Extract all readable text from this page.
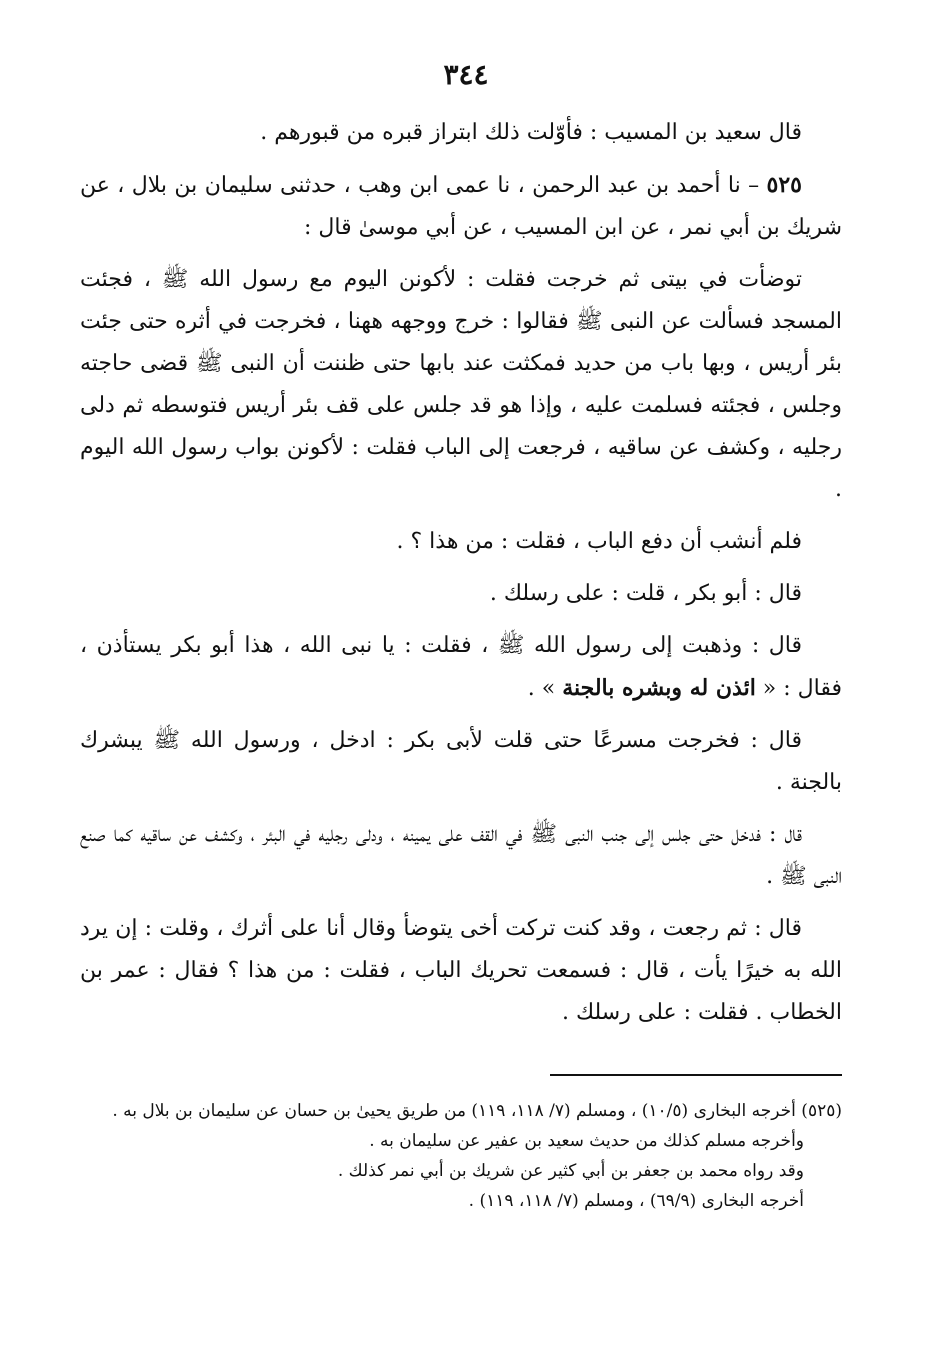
٣٤٤

قال سعيد بن المسيب : فأوّلت ذلك ابتراز قبره من قبورهم .

٥٢٥ – نا أحمد بن عبد الرحمن ، نا عمى ابن وهب ، حدثنى سليمان بن بلال ، عن شريك بن أبي نمر ، عن ابن المسيب ، عن أبي موسىٰ قال :

توضأت في بيتى ثم خرجت فقلت : لأكونن اليوم مع رسول الله ﷺ ، فجئت المسجد فسألت عن النبى ﷺ فقالوا : خرج ووجهه ههنا ، فخرجت في أثره حتى جئت بئر أريس ، وبها باب من حديد فمكثت عند بابها حتى ظننت أن النبى ﷺ قضى حاجته وجلس ، فجئته فسلمت عليه ، وإذا هو قد جلس على قف بئر أريس فتوسطه ثم دلى رجليه ، وكشف عن ساقيه ، فرجعت إلى الباب فقلت : لأكونن بواب رسول الله اليوم .

فلم أنشب أن دفع الباب ، فقلت : من هذا ؟ .

قال : أبو بكر ، قلت : على رسلك .

قال : وذهبت إلى رسول الله ﷺ ، فقلت : يا نبى الله ، هذا أبو بكر يستأذن ، فقال : « ائذن له وبشره بالجنة » .

قال : فخرجت مسرعًا حتى قلت لأبى بكر : ادخل ، ورسول الله ﷺ يبشرك بالجنة .

قال : فدخل حتى جلس إلى جنب النبى ﷺ في القف على يمينه ، ودلى رجليه في البئر ، وكشف عن ساقيه كما صنع النبى ﷺ .

قال : ثم رجعت ، وقد كنت تركت أخى يتوضأ وقال أنا على أثرك ، وقلت : إن يرد الله به خيرًا يأت ، قال : فسمعت تحريك الباب ، فقلت : من هذا ؟ فقال : عمر بن الخطاب . فقلت : على رسلك .

(٥٢٥) أخرجه البخارى (١٠/٥) ، ومسلم (٧/ ١١٨، ١١٩) من طريق يحيىٰ بن حسان عن سليمان بن بلال به .

وأخرجه مسلم كذلك من حديث سعيد بن عفير عن سليمان به .

وقد رواه محمد بن جعفر بن أبي كثير عن شريك بن أبي نمر كذلك .

أخرجه البخارى (٦٩/٩) ، ومسلم (٧/ ١١٨، ١١٩) .
